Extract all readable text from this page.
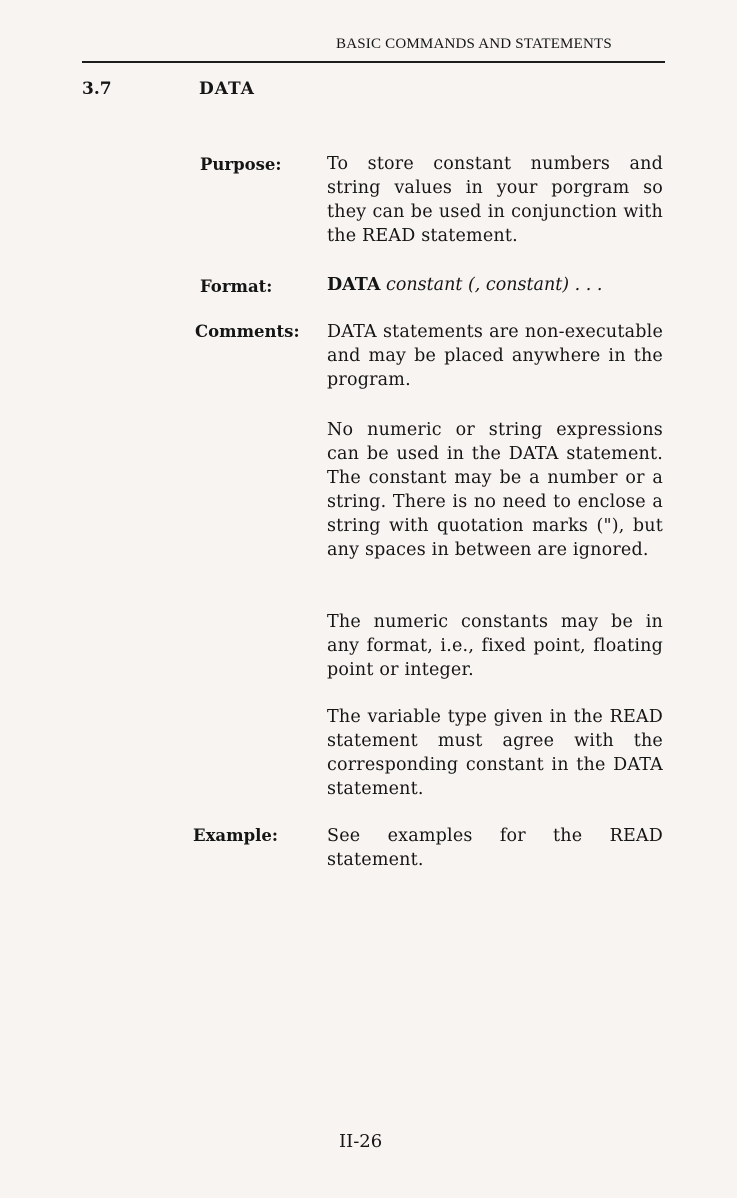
BASIC COMMANDS AND STATEMENTS
3.7	DATA
Purpose:	To store constant numbers and string values in your porgram so they can be used in conjunction with the READ statement.
Format:	DATA constant (, constant) . . .
Comments: DATA statements are non-executable and may be placed anywhere in the program.
No numeric or string expressions can be used in the DATA statement. The constant may be a number or a string. There is no need to enclose a string with quotation marks ("), but any spaces in between are ignored.
The numeric constants may be in any format, i.e., fixed point, floating point or integer.
The variable type given in the READ statement must agree with the corresponding constant in the DATA statement.
Example:	See examples for the READ statement.
II-26
